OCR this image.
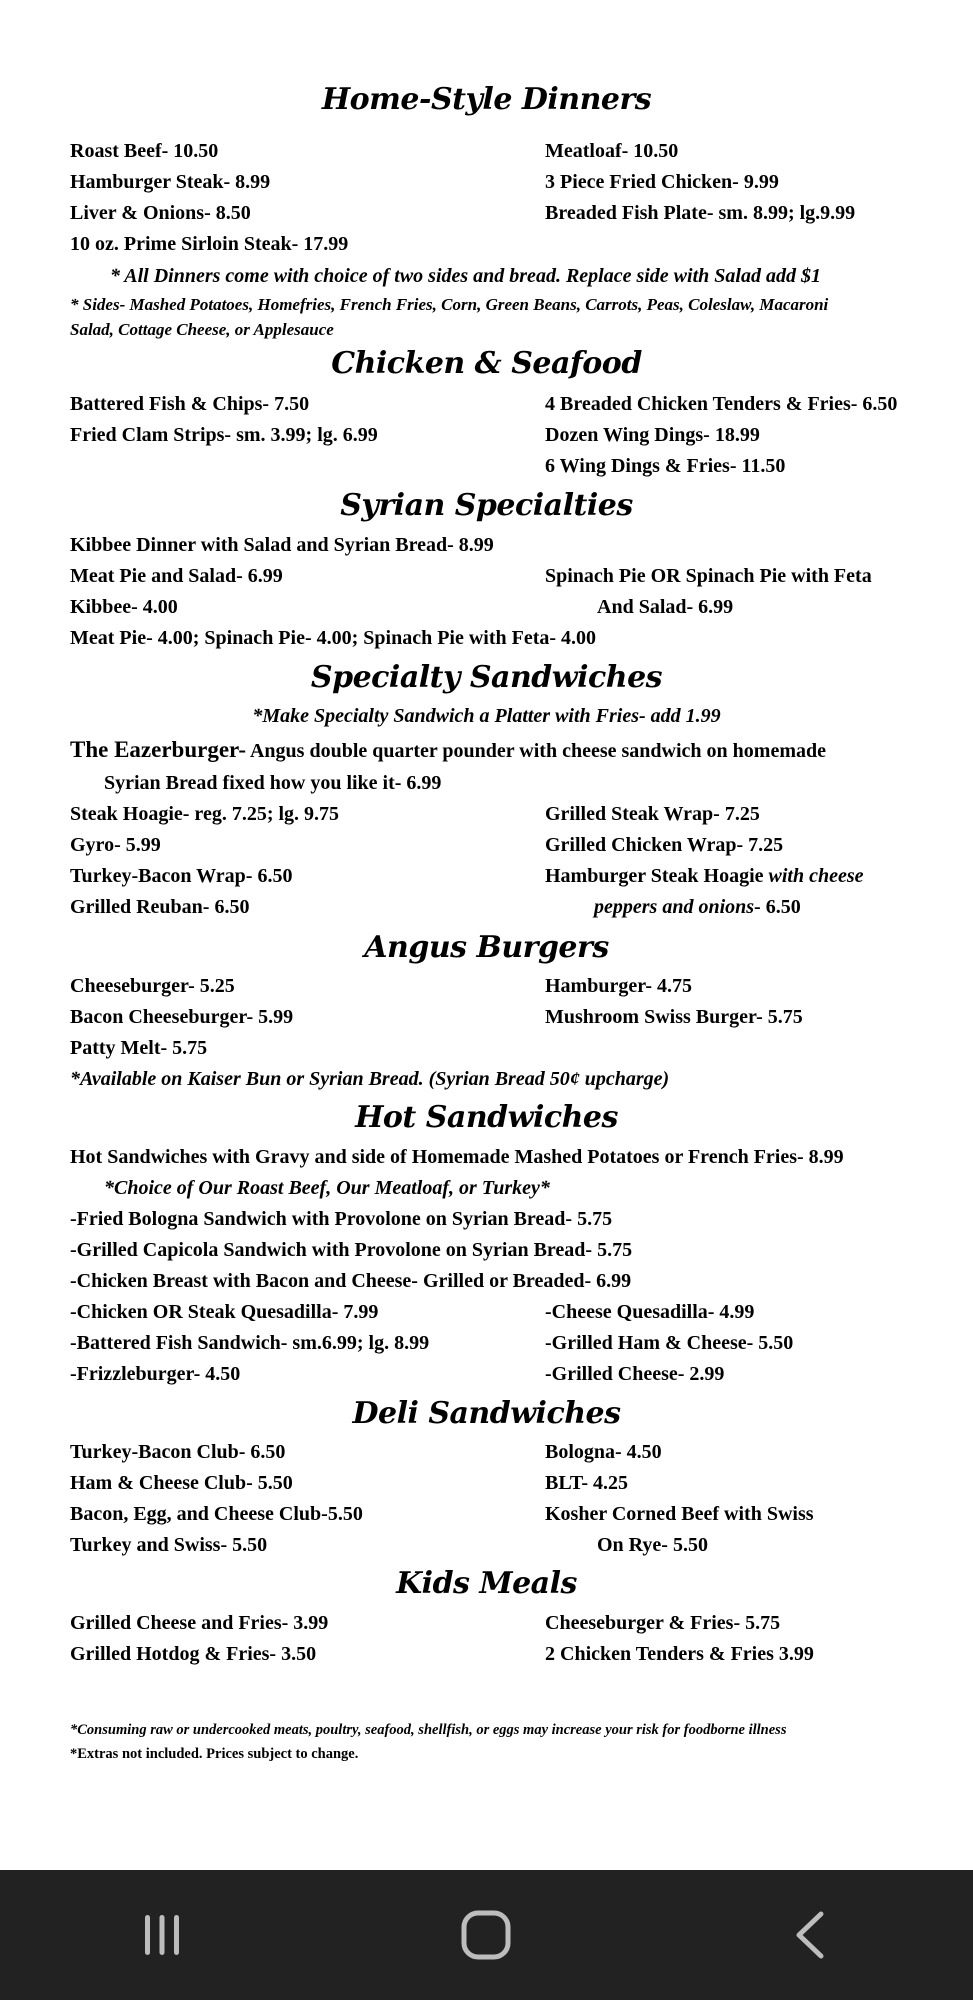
Home-Style Dinners
Roast Beef- 10.50
Hamburger Steak- 8.99
Liver & Onions- 8.50
10 oz. Prime Sirloin Steak- 17.99
Meatloaf- 10.50
3 Piece Fried Chicken- 9.99
Breaded Fish Plate- sm. 8.99; lg.9.99
* All Dinners come with choice of two sides and bread. Replace side with Salad add $1
* Sides- Mashed Potatoes, Homefries, French Fries, Corn, Green Beans, Carrots, Peas, Coleslaw, Macaroni
Salad, Cottage Cheese, or Applesauce
Chicken & Seafood
Battered Fish & Chips- 7.50
Fried Clam Strips- sm. 3.99; lg. 6.99
4 Breaded Chicken Tenders & Fries- 6.50
Dozen Wing Dings- 18.99
6 Wing Dings & Fries- 11.50
Syrian Specialties
Kibbee Dinner with Salad and Syrian Bread- 8.99
Meat Pie and Salad- 6.99
Kibbee- 4.00
Spinach Pie OR Spinach Pie with Feta
And Salad- 6.99
Meat Pie- 4.00; Spinach Pie- 4.00; Spinach Pie with Feta- 4.00
Specialty Sandwiches
*Make Specialty Sandwich a Platter with Fries- add 1.99
The Eazerburger- Angus double quarter pounder with cheese sandwich on homemade
Syrian Bread fixed how you like it- 6.99
Steak Hoagie- reg. 7.25; lg. 9.75
Gyro- 5.99
Turkey-Bacon Wrap- 6.50
Grilled Reuban- 6.50
Grilled Steak Wrap- 7.25
Grilled Chicken Wrap- 7.25
Hamburger Steak Hoagie with cheese
peppers and onions- 6.50
Angus Burgers
Cheeseburger- 5.25
Bacon Cheeseburger- 5.99
Patty Melt- 5.75
Hamburger- 4.75
Mushroom Swiss Burger- 5.75
*Available on Kaiser Bun or Syrian Bread. (Syrian Bread 50¢ upcharge)
Hot Sandwiches
Hot Sandwiches with Gravy and side of Homemade Mashed Potatoes or French Fries- 8.99
*Choice of Our Roast Beef, Our Meatloaf, or Turkey*
-Fried Bologna Sandwich with Provolone on Syrian Bread- 5.75
-Grilled Capicola Sandwich with Provolone on Syrian Bread- 5.75
-Chicken Breast with Bacon and Cheese- Grilled or Breaded- 6.99
-Chicken OR Steak Quesadilla- 7.99
-Battered Fish Sandwich- sm.6.99; lg. 8.99
-Frizzleburger- 4.50
-Cheese Quesadilla- 4.99
-Grilled Ham & Cheese- 5.50
-Grilled Cheese- 2.99
Deli Sandwiches
Turkey-Bacon Club- 6.50
Ham & Cheese Club- 5.50
Bacon, Egg, and Cheese Club-5.50
Turkey and Swiss- 5.50
Bologna- 4.50
BLT- 4.25
Kosher Corned Beef with Swiss
On Rye- 5.50
Kids Meals
Grilled Cheese and Fries- 3.99
Grilled Hotdog & Fries- 3.50
Cheeseburger & Fries- 5.75
2 Chicken Tenders & Fries 3.99
*Consuming raw or undercooked meats, poultry, seafood, shellfish, or eggs may increase your risk for foodborne illness
*Extras not included. Prices subject to change.
